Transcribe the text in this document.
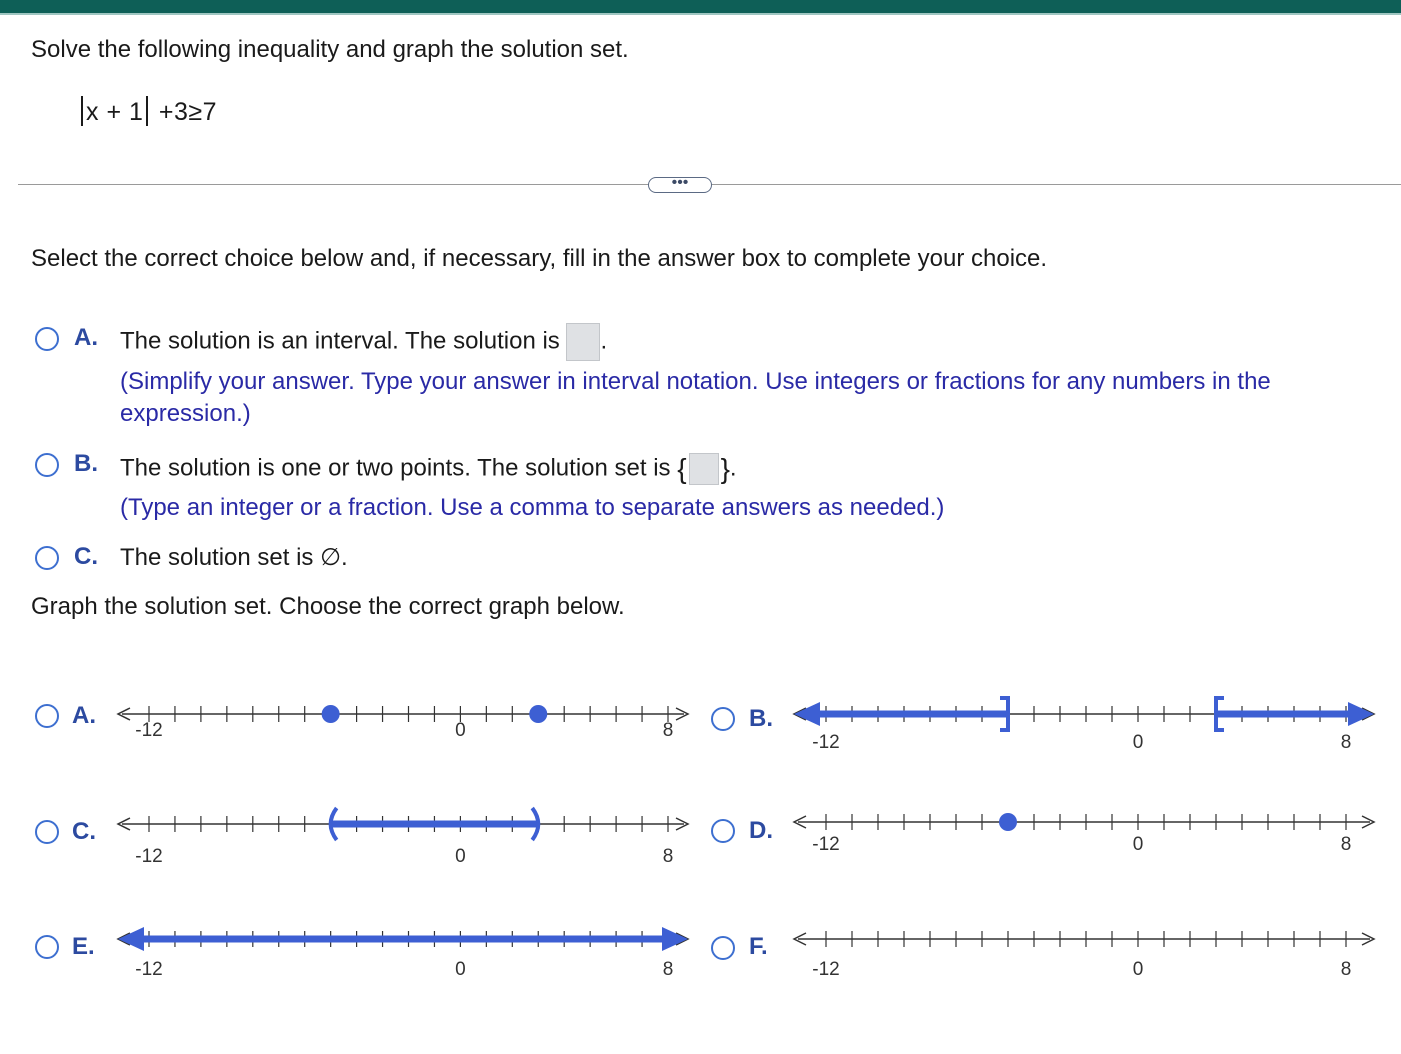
Solve the following inequality and graph the solution set.
x + 1 +3≥7
•••
Select the correct choice below and, if necessary, fill in the answer box to complete your choice.
A. The solution is an interval. The solution is .
(Simplify your answer. Type your answer in interval notation. Use integers or fractions for any numbers in the
expression.)
B. The solution is one or two points. The solution set is { }.
(Type an integer or a fraction. Use a comma to separate answers as needed.)
C. The solution set is ∅.
Graph the solution set. Choose the correct graph below.
A.
-12	0	8	B.
-12	0	8
C.
-12	0	8
D.
-12	0	8
E.
-12	0	8
F.
-12	0	8
